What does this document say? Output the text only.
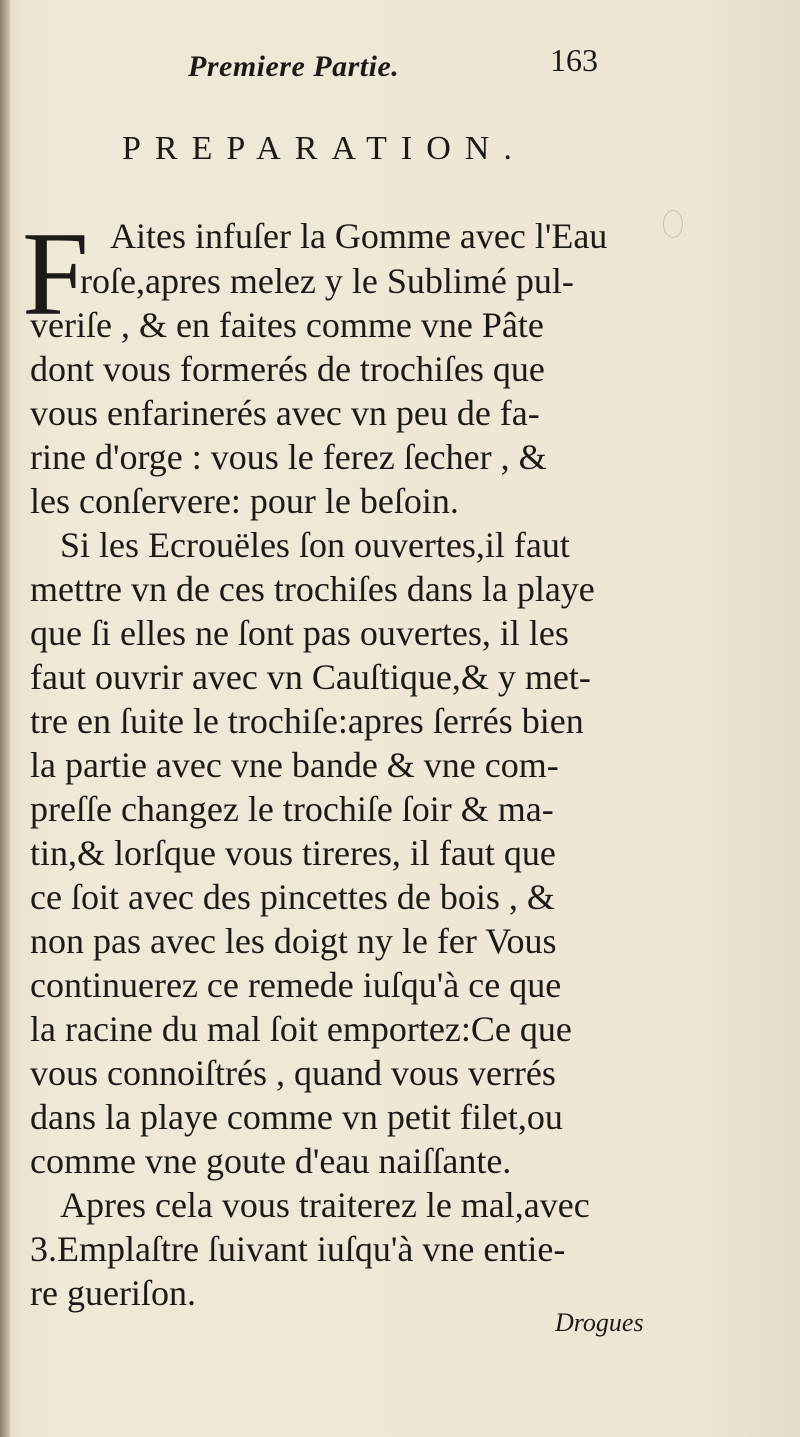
Premiere Partie.	163
PREPARATION.
F Aites infuſer la Gomme avec l'Eau

roſe,apres melez y le Sublimé pul-

veriſe , & en faites comme vne Pâte

dont vous formerés de trochiſes que

vous enfarinerés avec vn peu de fa-

rine d'orge : vous le ferez ſecher , &

les conſervere: pour le beſoin.

Si les Ecrouëles ſon ouvertes,il faut

mettre vn de ces trochiſes dans la playe

que ſi elles ne ſont pas ouvertes, il les

faut ouvrir avec vn Cauſtique,& y met-

tre en ſuite le trochiſe:apres ſerrés bien

la partie avec vne bande & vne com-

preſſe changez le trochiſe ſoir & ma-

tin,& lorſque vous tireres, il faut que

ce ſoit avec des pincettes de bois , &

non pas avec les doigt ny le fer Vous

continuerez ce remede iuſqu'à ce que

la racine du mal ſoit emportez:Ce que

vous connoiſtrés , quand vous verrés

dans la playe comme vn petit filet,ou

comme vne goute d'eau naiſſante.

Apres cela vous traiterez le mal,avec

3.Emplaſtre ſuivant iuſqu'à vne entie-

re gueriſon.

Drogues
